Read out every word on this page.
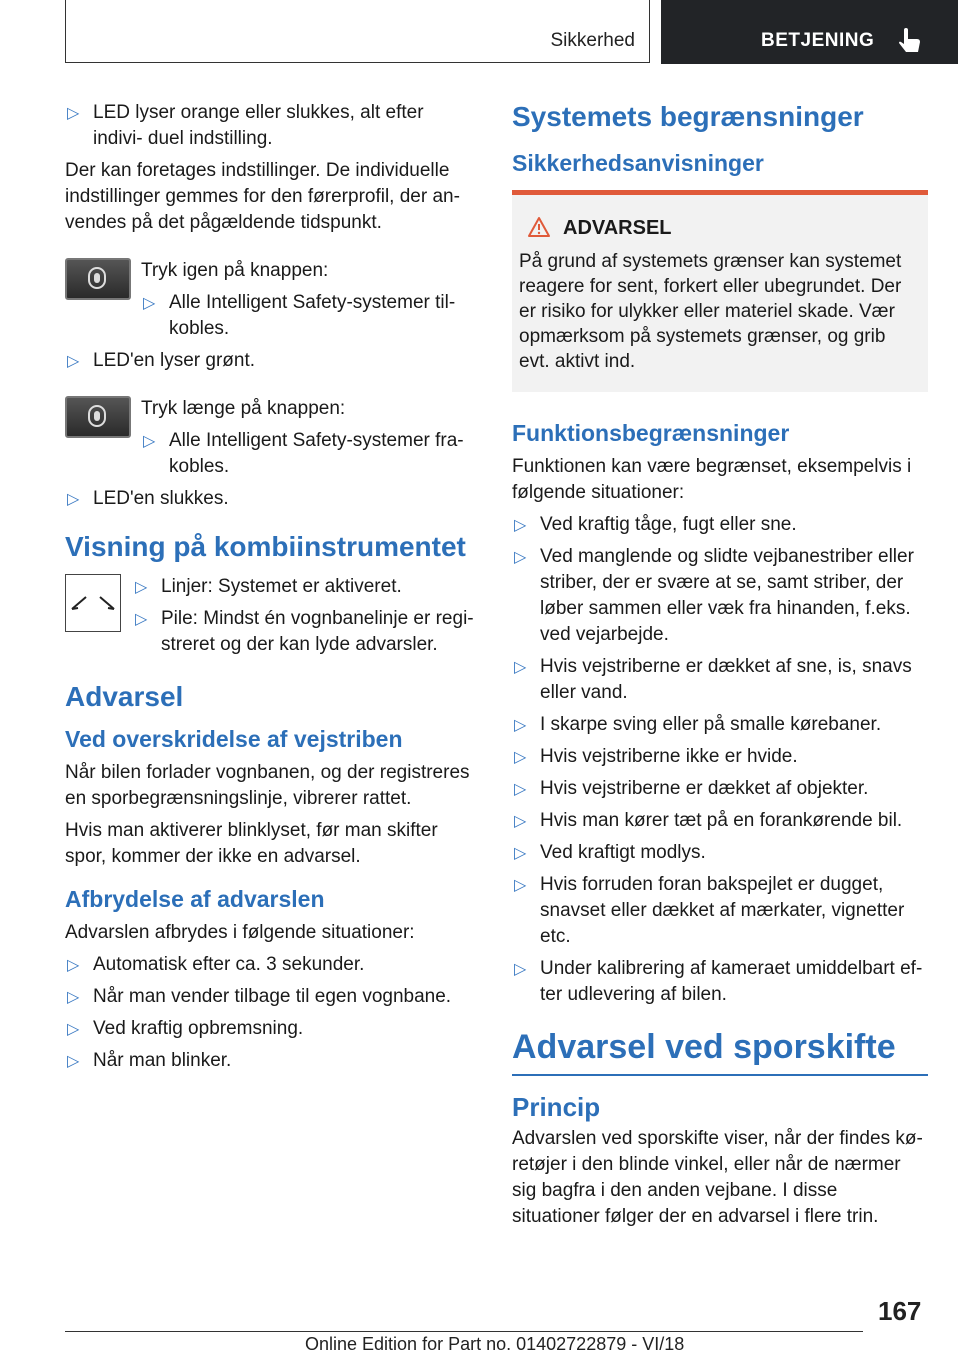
Sikkerhed	BETJENING
▷ LED lyser orange eller slukkes, alt efter indivi- duel indstilling.

Der kan foretages indstillinger. De individuelle indstillinger gemmes for den førerprofil, der an- vendes på det pågældende tidspunkt.

Tryk igen på knappen:

▷ Alle Intelligent Safety-systemer til- kobles.
▷ LED'en lyser grønt.

Tryk længe på knappen:

▷ Alle Intelligent Safety-systemer fra- kobles.
▷ LED'en slukkes.
Visning på kombiinstrumentet
▷ Linjer: Systemet er aktiveret.
▷ Pile: Mindst én vognbanelinje er regi- streret og der kan lyde advarsler.
Advarsel
Ved overskridelse af vejstriben

Når bilen forlader vognbanen, og der registreres en sporbegrænsningslinje, vibrerer rattet.

Hvis man aktiverer blinklyset, før man skifter spor, kommer der ikke en advarsel.

Afbrydelse af advarslen

Advarslen afbrydes i følgende situationer:

▷ Automatisk efter ca. 3 sekunder.
▷ Når man vender tilbage til egen vognbane.
▷ Ved kraftig opbremsning.
▷ Når man blinker.
Systemets begrænsninger
Sikkerhedsanvisninger
ADVARSEL
På grund af systemets grænser kan systemet reagere for sent, forkert eller ubegrundet. Der er risiko for ulykker eller materiel skade. Vær opmærksom på systemets grænser, og grib evt. aktivt ind.
Funktionsbegrænsninger

Funktionen kan være begrænset, eksempelvis i følgende situationer:

▷ Ved kraftig tåge, fugt eller sne.
▷ Ved manglende og slidte vejbanestriber eller striber, der er svære at se, samt striber, der løber sammen eller væk fra hinanden, f.eks. ved vejarbejde.
▷ Hvis vejstriberne er dækket af sne, is, snavs eller vand.
▷ I skarpe sving eller på smalle kørebaner.
▷ Hvis vejstriberne ikke er hvide.
▷ Hvis vejstriberne er dækket af objekter.
▷ Hvis man kører tæt på en forankørende bil.
▷ Ved kraftigt modlys.
▷ Hvis forruden foran bakspejlet er dugget, snavset eller dækket af mærkater, vignetter etc.
▷ Under kalibrering af kameraet umiddelbart ef- ter udlevering af bilen.
Advarsel ved sporskifte
Princip

Advarslen ved sporskifte viser, når der findes kø- retøjer i den blinde vinkel, eller når de nærmer sig bagfra i den anden vejbane. I disse situationer følger der en advarsel i flere trin.

167
Online Edition for Part no. 01402722879 - VI/18
